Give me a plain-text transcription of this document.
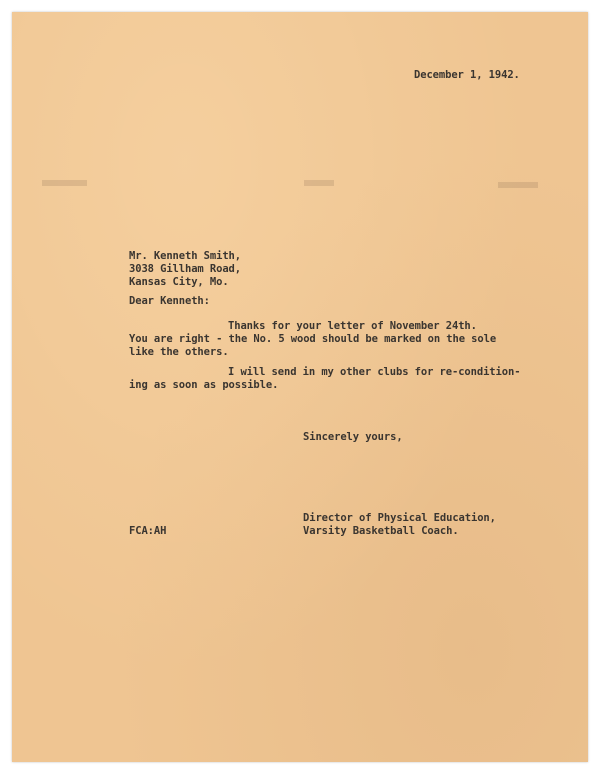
December 1, 1942.
Mr. Kenneth Smith,
3038 Gillham Road,
Kansas City, Mo.
Dear Kenneth:
Thanks for your letter of November 24th.
You are right - the No. 5 wood should be marked on the sole
like the others.
I will send in my other clubs for re-condition-
ing as soon as possible.
Sincerely yours,
Director of Physical Education,
Varsity Basketball Coach.
FCA:AH
